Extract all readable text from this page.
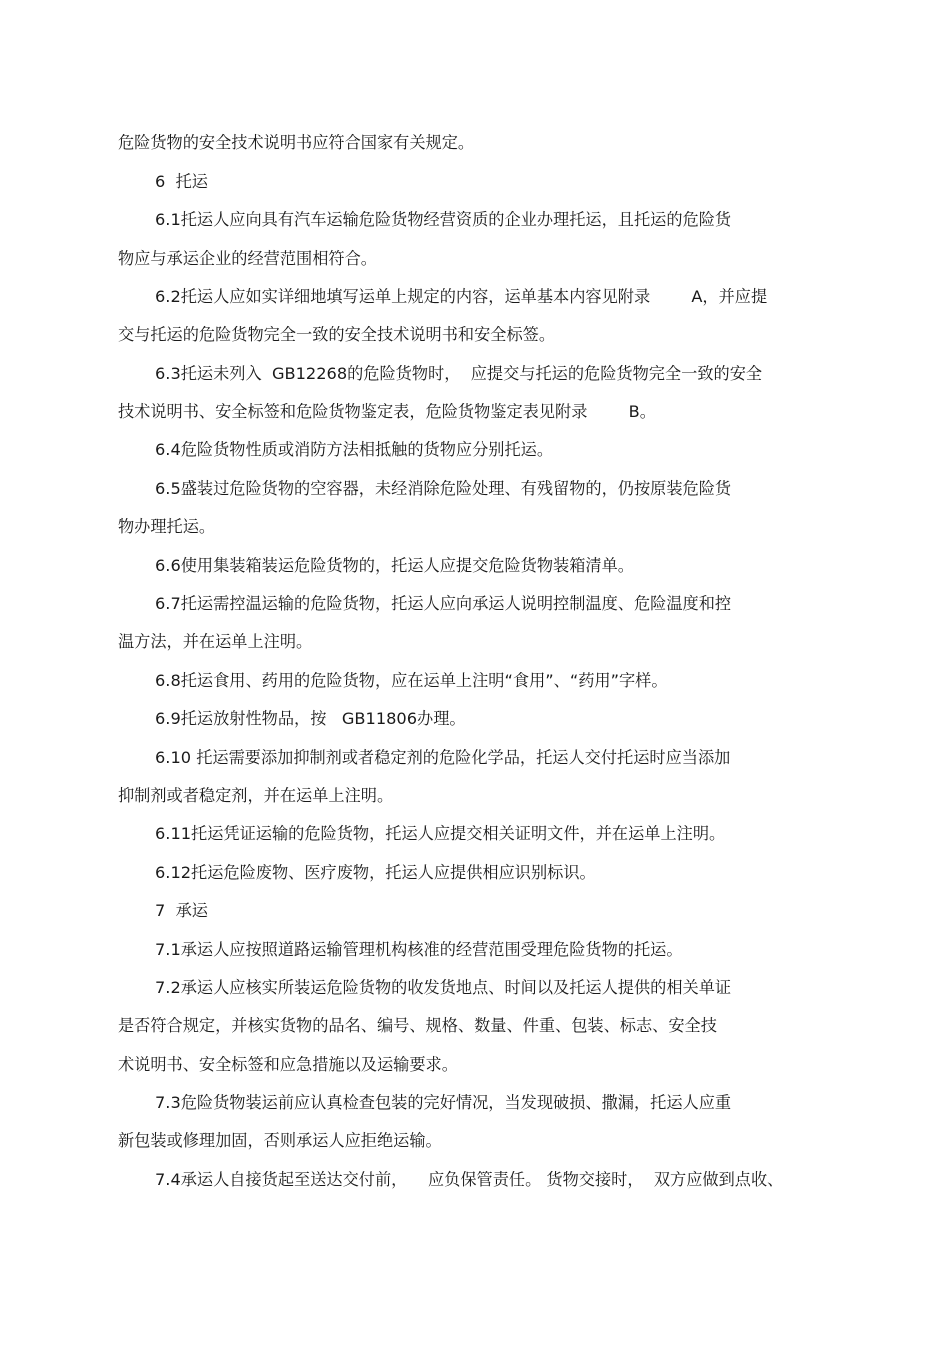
危险货物的安全技术说明书应符合国家有关规定。

6  托运

6.1托运人应向具有汽车运输危险货物经营资质的企业办理托运，且托运的危险货

物应与承运企业的经营范围相符合。

6.2托运人应如实详细地填写运单上规定的内容，运单基本内容见附录        A，并应提

交与托运的危险货物完全一致的安全技术说明书和安全标签。

6.3托运未列入  GB12268的危险货物时，  应提交与托运的危险货物完全一致的安全

技术说明书、安全标签和危险货物鉴定表，危险货物鉴定表见附录        B。

6.4危险货物性质或消防方法相抵触的货物应分别托运。

6.5盛装过危险货物的空容器，未经消除危险处理、有残留物的，仍按原装危险货

物办理托运。

6.6使用集装箱装运危险货物的，托运人应提交危险货物装箱清单。

6.7托运需控温运输的危险货物，托运人应向承运人说明控制温度、危险温度和控

温方法，并在运单上注明。

6.8托运食用、药用的危险货物，应在运单上注明“食用”、“药用”字样。

6.9托运放射性物品，按   GB11806办理。

6.10 托运需要添加抑制剂或者稳定剂的危险化学品，托运人交付托运时应当添加

抑制剂或者稳定剂，并在运单上注明。

6.11托运凭证运输的危险货物，托运人应提交相关证明文件，并在运单上注明。

6.12托运危险废物、医疗废物，托运人应提供相应识别标识。

7  承运

7.1承运人应按照道路运输管理机构核准的经营范围受理危险货物的托运。

7.2承运人应核实所装运危险货物的收发货地点、时间以及托运人提供的相关单证

是否符合规定，并核实货物的品名、编号、规格、数量、件重、包装、标志、安全技

术说明书、安全标签和应急措施以及运输要求。

7.3危险货物装运前应认真检查包装的完好情况，当发现破损、撒漏，托运人应重

新包装或修理加固，否则承运人应拒绝运输。

7.4承运人自接货起至送达交付前，    应负保管责任。 货物交接时，  双方应做到点收、
